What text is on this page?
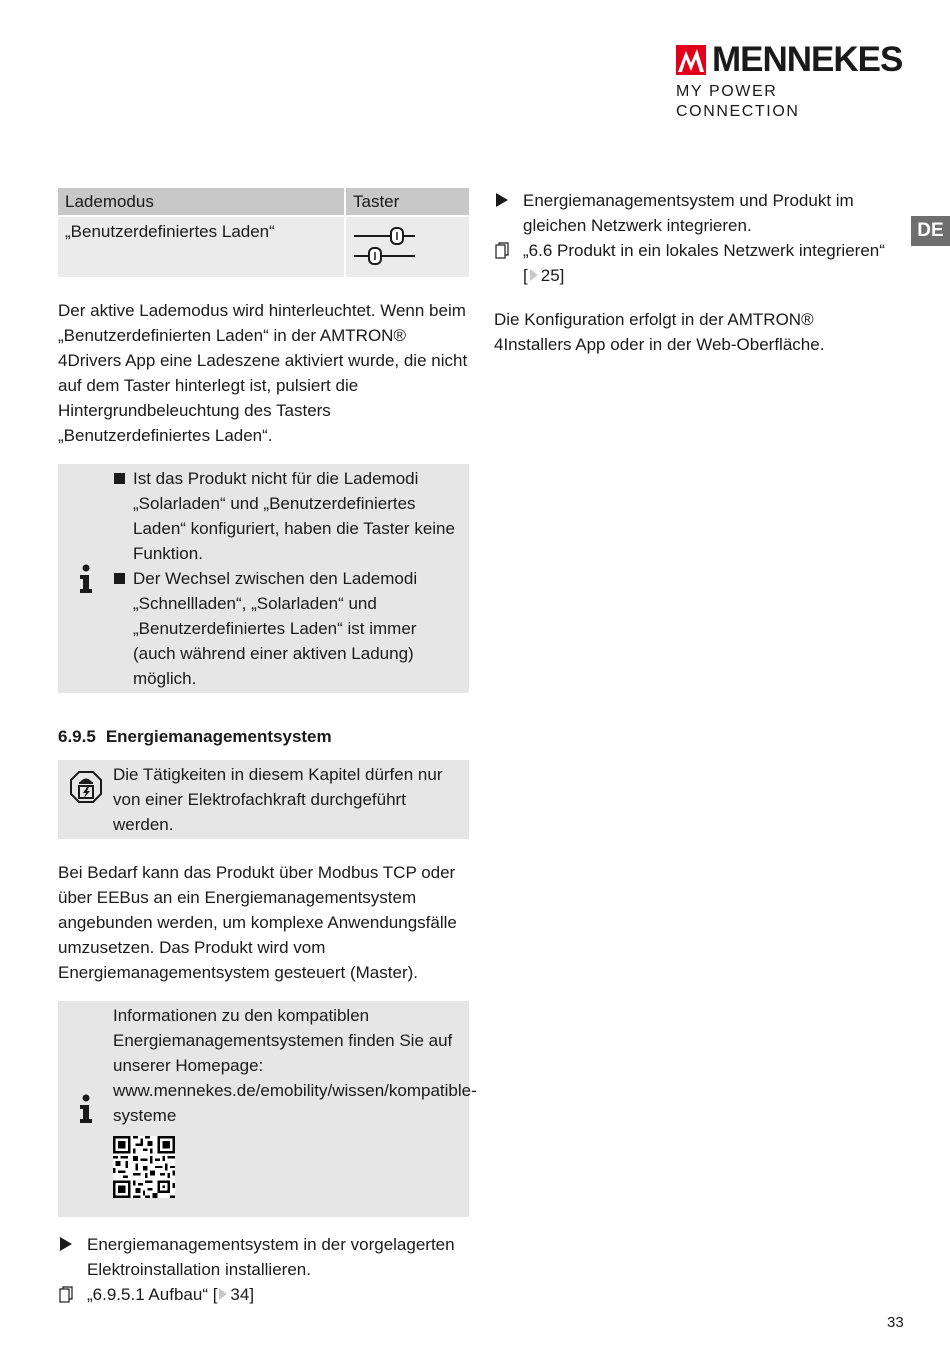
MENNEKES
MY POWER CONNECTION
DE
Lademodus	Taster
„Benutzerdefiniertes Laden“	

Der aktive Lademodus wird hinterleuchtet. Wenn beim „Benutzerdefinierten Laden“ in der AMTRON® 4Drivers App eine Ladeszene aktiviert wurde, die nicht auf dem Taster hinterlegt ist, pulsiert die Hintergrundbeleuchtung des Tasters „Benutzerdefiniertes Laden“.

Ist das Produkt nicht für die Lademodi „Solarladen“ und „Benutzerdefiniertes Laden“ konfiguriert, haben die Taster keine Funktion.
Der Wechsel zwischen den Lademodi „Schnellladen“, „Solarladen“ und „Benutzerdefiniertes Laden“ ist immer (auch während einer aktiven Ladung) möglich.
6.9.5 Energiemanagementsystem
Die Tätigkeiten in diesem Kapitel dürfen nur von einer Elektrofachkraft durchgeführt werden.

Bei Bedarf kann das Produkt über Modbus TCP oder über EEBus an ein Energiemanagementsystem angebunden werden, um komplexe Anwendungsfälle umzusetzen. Das Produkt wird vom Energiemanagementsystem gesteuert (Master).

Informationen zu den kompatiblen Energiemanagementsystemen finden Sie auf unserer Homepage:
www.mennekes.de/emobility/wissen/kompatible-systeme
Energiemanagementsystem in der vorgelagerten Elektroinstallation installieren.
„6.9.5.1 Aufbau“ [ 34]
Energiemanagementsystem und Produkt im gleichen Netzwerk integrieren.
„6.6 Produkt in ein lokales Netzwerk integrieren“ [ 25]

Die Konfiguration erfolgt in der AMTRON® 4Installers App oder in der Web-Oberfläche.

33
